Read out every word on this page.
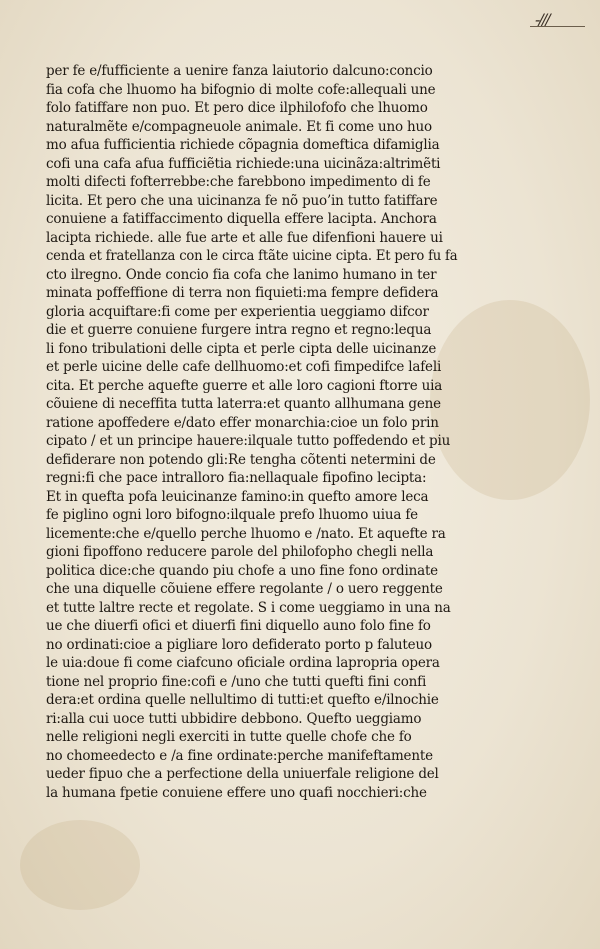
-///
per fe e/fufficiente a uenire fanza laiutorio dalcuno:concio
fia cofa che lhuomo ha bifognio di molte cofe:allequali une
folo fatiffare non puo. Et pero dice ilphilofofo che lhuomo
naturalmẽte e/compagneuole animale. Et fi come uno huo
mo afua fufficientia richiede cõpagnia domeftica difamiglia
cofi una cafa afua fufficiẽtia richiede:una uicinãza:altrimẽti
molti difecti fofterrebbe:che farebbono impedimento di fe
licita. Et pero che una uicinanza fe nõ puo’in tutto fatiffare
conuiene a fatiffaccimento diquella effere lacipta. Anchora
lacipta richiede. alle fue arte et alle fue difenfioni hauere ui
cenda et fratellanza con le circa ftãte uicine cipta. Et pero fu fa
cto ilregno. Onde concio fia cofa che lanimo humano in ter
minata poffeffione di terra non fiquieti:ma fempre defidera
gloria acquiftare:fi come per experientia ueggiamo difcor
die et guerre conuiene furgere intra regno et regno:lequa
li fono tribulationi delle cipta et perle cipta delle uicinanze
et perle uicine delle cafe dellhuomo:et cofi fimpedifce lafeli
cita. Et perche aquefte guerre et alle loro cagioni ftorre uia
cõuiene di neceffita tutta laterra:et quanto allhumana gene
ratione apoffedere e/dato effer monarchia:cioe un folo prin
cipato / et un principe hauere:ilquale tutto poffedendo et piu
defiderare non potendo gli:Re tengha cõtenti netermini de
regni:fi che pace intralloro fia:nellaquale fipofino lecipta:
Et in quefta pofa leuicinanze famino:in quefto amore leca
fe piglino ogni loro bifogno:ilquale prefo lhuomo uiua fe
licemente:che e/quello perche lhuomo e /nato. Et aquefte ra
gioni fipoffono reducere parole del philofopho chegli nella
politica dice:che quando piu chofe a uno fine fono ordinate
che una diquelle cõuiene effere regolante / o uero reggente
et tutte laltre recte et regolate. S i come ueggiamo in una na
ue che diuerfi ofici et diuerfi fini diquello auno folo fine fo
no ordinati:cioe a pigliare loro defiderato porto p faluteuo
le uia:doue fi come ciafcuno oficiale ordina lapropria opera
tione nel proprio fine:cofi e /uno che tutti quefti fini confi
dera:et ordina quelle nellultimo di tutti:et quefto e/ilnochie
ri:alla cui uoce tutti ubbidire debbono. Quefto ueggiamo
nelle religioni negli exerciti in tutte quelle chofe che fo
no chomeedecto e /a fine ordinate:perche manifeftamente
ueder fipuo che a perfectione della uniuerfale religione del
la humana fpetie conuiene effere uno quafi nocchieri:che
